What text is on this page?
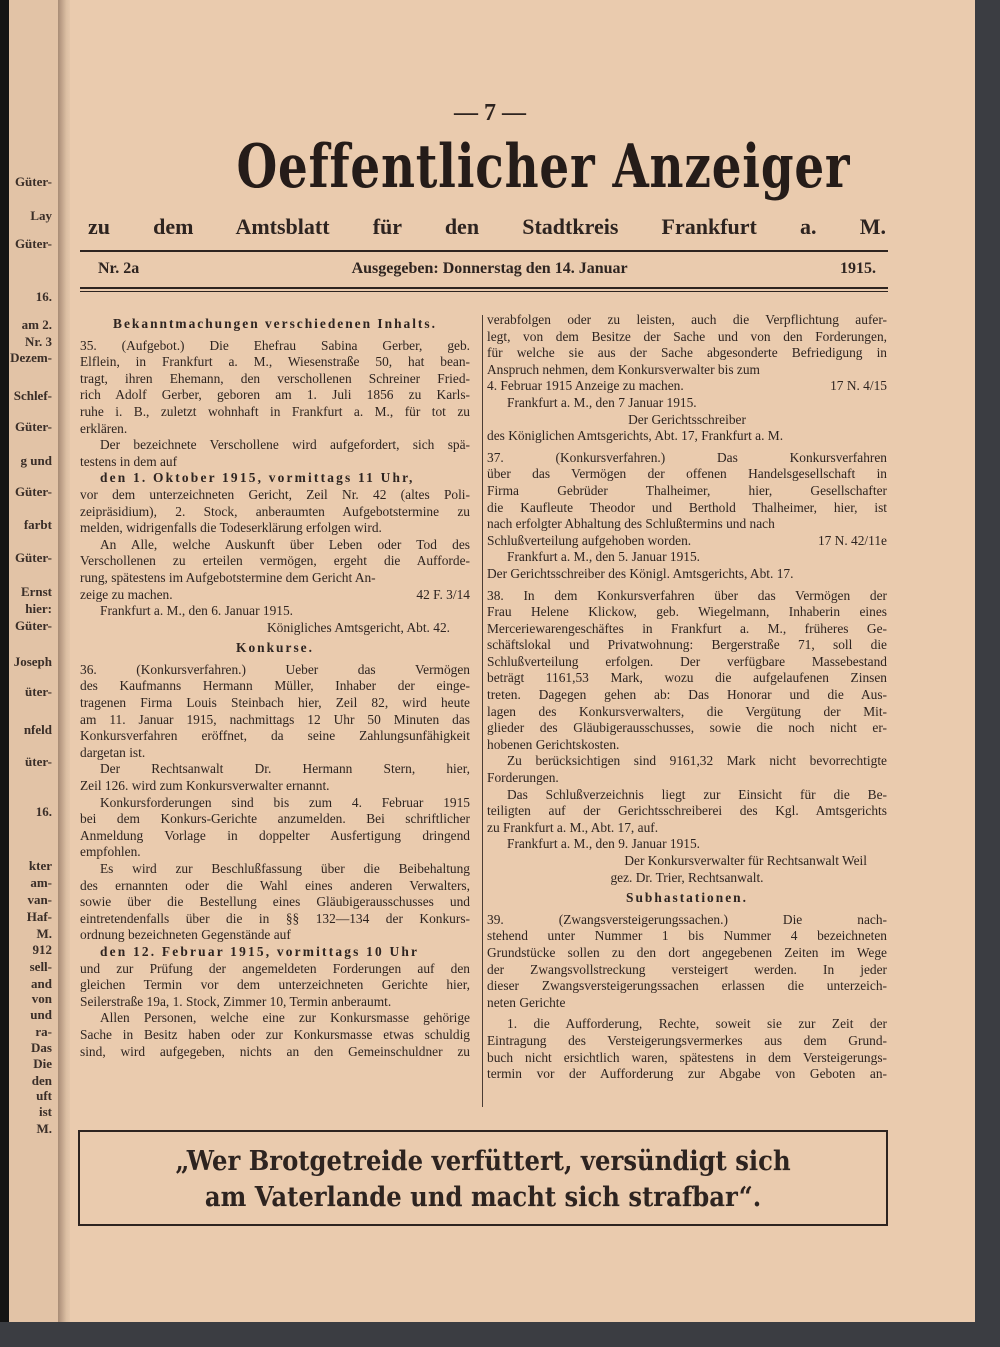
Güter-
Lay
Güter-
16.
am 2.
Nr. 3
Dezem-
Schlef-
Güter-
g und
Güter-
farbt
Güter-
Ernst
hier:
Güter-
Joseph
üter-
nfeld
üter-
16.
kter
am-
van-
Haf-
M.
912
sell-
and
von
und
ra-
Das
Die
den
uft
ist
M.
— 7 —
Oeffentlicher Anzeiger
zu dem Amtsblatt für den Stadtkreis Frankfurt a. M.
Nr. 2a	Ausgegeben: Donnerstag den 14. Januar	1915.
Bekanntmachungen verschiedenen Inhalts.
35. (Aufgebot.) Die Ehefrau Sabina Gerber, geb.
Elflein, in Frankfurt a. M., Wiesenstraße 50, hat bean-
tragt, ihren Ehemann, den verschollenen Schreiner Fried-
rich Adolf Gerber, geboren am 1. Juli 1856 zu Karls-
ruhe i. B., zuletzt wohnhaft in Frankfurt a. M., für tot zu
erklären.
Der bezeichnete Verschollene wird aufgefordert, sich spä-
testens in dem auf
den 1. Oktober 1915, vormittags 11 Uhr,
vor dem unterzeichneten Gericht, Zeil Nr. 42 (altes Poli-
zeipräsidium), 2. Stock, anberaumten Aufgebotstermine zu
melden, widrigenfalls die Todeserklärung erfolgen wird.
An Alle, welche Auskunft über Leben oder Tod des
Verschollenen zu erteilen vermögen, ergeht die Aufforde-
rung, spätestens im Aufgebotstermine dem Gericht An-
zeige zu machen.	42 F. 3/14
Frankfurt a. M., den 6. Januar 1915.
Königliches Amtsgericht, Abt. 42.
Konkurse.
36. (Konkursverfahren.) Ueber das Vermögen
des Kaufmanns Hermann Müller, Inhaber der einge-
tragenen Firma Louis Steinbach hier, Zeil 82, wird heute
am 11. Januar 1915, nachmittags 12 Uhr 50 Minuten das
Konkursverfahren eröffnet, da seine Zahlungsunfähigkeit
dargetan ist.
Der Rechtsanwalt Dr. Hermann Stern, hier,
Zeil 126. wird zum Konkursverwalter ernannt.
Konkursforderungen sind bis zum 4. Februar 1915
bei dem Konkurs-Gerichte anzumelden. Bei schriftlicher
Anmeldung Vorlage in doppelter Ausfertigung dringend
empfohlen.
Es wird zur Beschlußfassung über die Beibehaltung
des ernannten oder die Wahl eines anderen Verwalters,
sowie über die Bestellung eines Gläubigerausschusses und
eintretendenfalls über die in §§ 132—134 der Konkurs-
ordnung bezeichneten Gegenstände auf
den 12. Februar 1915, vormittags 10 Uhr
und zur Prüfung der angemeldeten Forderungen auf den
gleichen Termin vor dem unterzeichneten Gerichte hier,
Seilerstraße 19a, 1. Stock, Zimmer 10, Termin anberaumt.
Allen Personen, welche eine zur Konkursmasse gehörige
Sache in Besitz haben oder zur Konkursmasse etwas schuldig
sind, wird aufgegeben, nichts an den Gemeinschuldner zu
verabfolgen oder zu leisten, auch die Verpflichtung aufer-
legt, von dem Besitze der Sache und von den Forderungen,
für welche sie aus der Sache abgesonderte Befriedigung in
Anspruch nehmen, dem Konkursverwalter bis zum
4. Februar 1915 Anzeige zu machen.	17 N. 4/15
Frankfurt a. M., den 7 Januar 1915.
Der Gerichtsschreiber
des Königlichen Amtsgerichts, Abt. 17, Frankfurt a. M.
37. (Konkursverfahren.) Das Konkursverfahren
über das Vermögen der offenen Handelsgesellschaft in
Firma Gebrüder Thalheimer, hier, Gesellschafter
die Kaufleute Theodor und Berthold Thalheimer, hier, ist
nach erfolgter Abhaltung des Schlußtermins und nach
Schlußverteilung aufgehoben worden.	17 N. 42/11e
Frankfurt a. M., den 5. Januar 1915.
Der Gerichtsschreiber des Königl. Amtsgerichts, Abt. 17.
38. In dem Konkursverfahren über das Vermögen der
Frau Helene Klickow, geb. Wiegelmann, Inhaberin eines
Merceriewarengeschäftes in Frankfurt a. M., früheres Ge-
schäftslokal und Privatwohnung: Bergerstraße 71, soll die
Schlußverteilung erfolgen. Der verfügbare Massebestand
beträgt 1161,53 Mark, wozu die aufgelaufenen Zinsen
treten. Dagegen gehen ab: Das Honorar und die Aus-
lagen des Konkursverwalters, die Vergütung der Mit-
glieder des Gläubigerausschusses, sowie die noch nicht er-
hobenen Gerichtskosten.
Zu berücksichtigen sind 9161,32 Mark nicht bevorrechtigte
Forderungen.
Das Schlußverzeichnis liegt zur Einsicht für die Be-
teiligten auf der Gerichtsschreiberei des Kgl. Amtsgerichts
zu Frankfurt a. M., Abt. 17, auf.
Frankfurt a. M., den 9. Januar 1915.
Der Konkursverwalter für Rechtsanwalt Weil
gez. Dr. Trier, Rechtsanwalt.
Subhastationen.
39. (Zwangsversteigerungssachen.) Die nach-
stehend unter Nummer 1 bis Nummer 4 bezeichneten
Grundstücke sollen zu den dort angegebenen Zeiten im Wege
der Zwangsvollstreckung versteigert werden. In jeder
dieser Zwangsversteigerungssachen erlassen die unterzeich-
neten Gerichte
1. die Aufforderung, Rechte, soweit sie zur Zeit der
Eintragung des Versteigerungsvermerkes aus dem Grund-
buch nicht ersichtlich waren, spätestens in dem Versteigerungs-
termin vor der Aufforderung zur Abgabe von Geboten an-
„Wer Brotgetreide verfüttert, versündigt sich
am Vaterlande und macht sich strafbar“.
